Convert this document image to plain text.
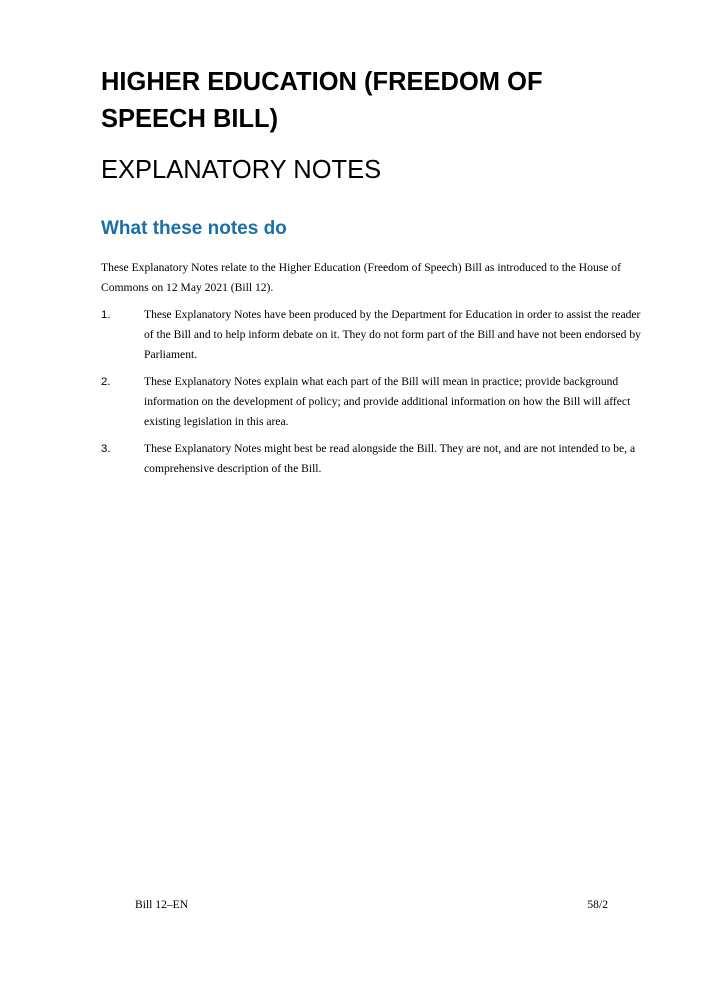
HIGHER EDUCATION (FREEDOM OF SPEECH BILL)
EXPLANATORY NOTES
What these notes do

These Explanatory Notes relate to the Higher Education (Freedom of Speech) Bill as introduced to the House of Commons on 12 May 2021 (Bill 12).

1.	These Explanatory Notes have been produced by the Department for Education in order to assist the reader of the Bill and to help inform debate on it. They do not form part of the Bill and have not been endorsed by Parliament.
2.	These Explanatory Notes explain what each part of the Bill will mean in practice; provide background information on the development of policy; and provide additional information on how the Bill will affect existing legislation in this area.
3.	These Explanatory Notes might best be read alongside the Bill. They are not, and are not intended to be, a comprehensive description of the Bill.
Bill 12–EN	58/2
